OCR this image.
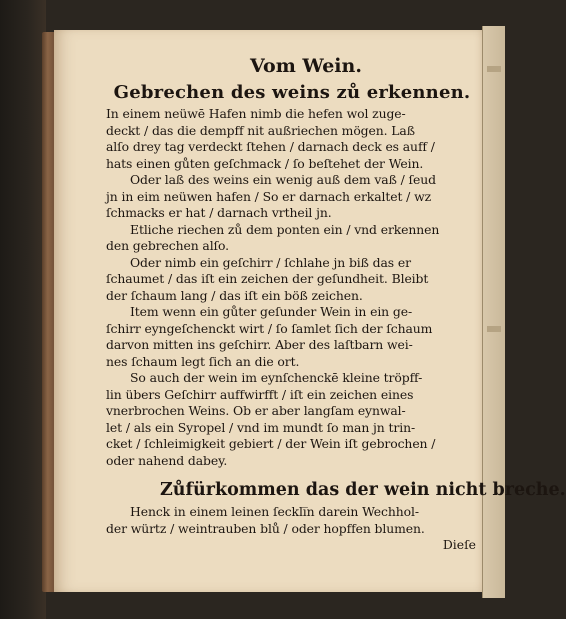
Vom Wein.
Gebrechen des weins zů erkennen.
In einem neüwē Hafen nimb die hefen wol zuge-
deckt / das die dempff nit außriechen mögen. Laß
alſo drey tag verdeckt ſtehen / darnach deck es auff /
hats einen gůten geſchmack / ſo beſtehet der Wein.
Oder laß des weins ein wenig auß dem vaß / ſeud
jn in eim neüwen hafen / So er darnach erkaltet / wz
ſchmacks er hat / darnach vrtheil jn.
Etliche riechen zů dem ponten ein / vnd erkennen
den gebrechen alſo.
Oder nimb ein geſchirr / ſchlahe jn biß das er
ſchaumet / das iſt ein zeichen der geſundheit. Bleibt
der ſchaum lang / das iſt ein böß zeichen.
Item wenn ein gůter geſunder Wein in ein ge-
ſchirr eyngeſchenckt wirt / ſo ſamlet ſich der ſchaum
darvon mitten ins geſchirr. Aber des laſtbarn wei-
nes ſchaum legt ſich an die ort.
So auch der wein im eynſchenckē kleine tröpff-
lin übers Geſchirr auffwirfft / iſt ein zeichen eines
vnerbrochen Weins. Ob er aber langſam eynwal-
let / als ein Syropel / vnd im mundt ſo man jn trin-
cket / ſchleimigkeit gebiert / der Wein iſt gebrochen /
oder nahend dabey.
Zůfürkommen das der wein nicht breche.
Henck in einem leinen ſeckli̅n darein Wechhol-
der würtz / weintrauben blů / oder hopffen blumen.
Dieſe
